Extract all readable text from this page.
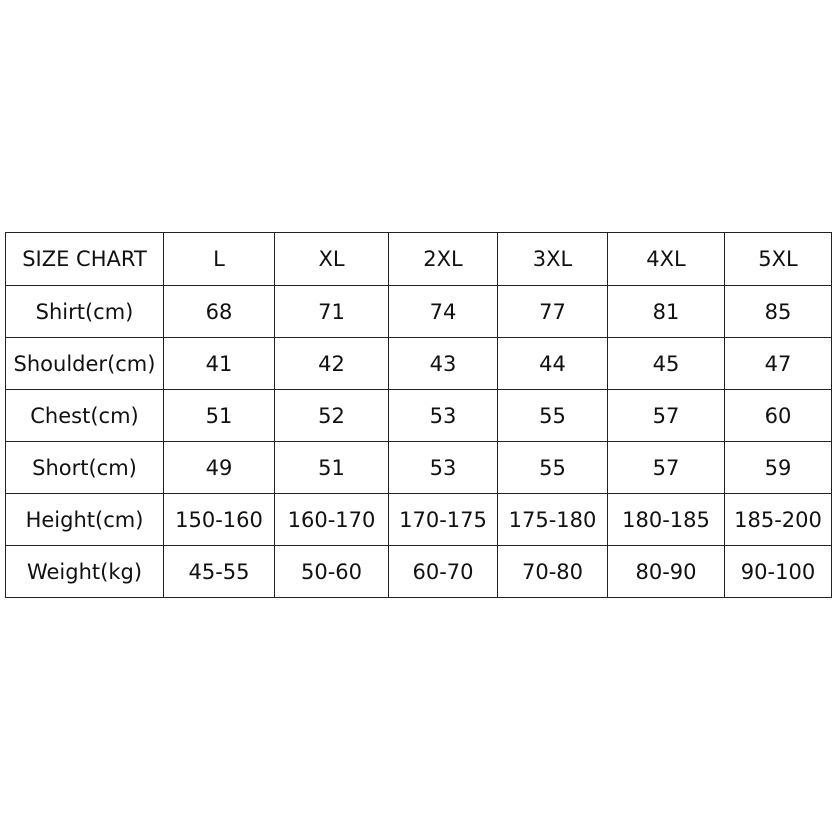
SIZE CHART	L	XL	2XL	3XL	4XL	5XL
Shirt(cm)	68	71	74	77	81	85
Shoulder(cm)	41	42	43	44	45	47
Chest(cm)	51	52	53	55	57	60
Short(cm)	49	51	53	55	57	59
Height(cm)	150-160	160-170	170-175	175-180	180-185	185-200
Weight(kg)	45-55	50-60	60-70	70-80	80-90	90-100
